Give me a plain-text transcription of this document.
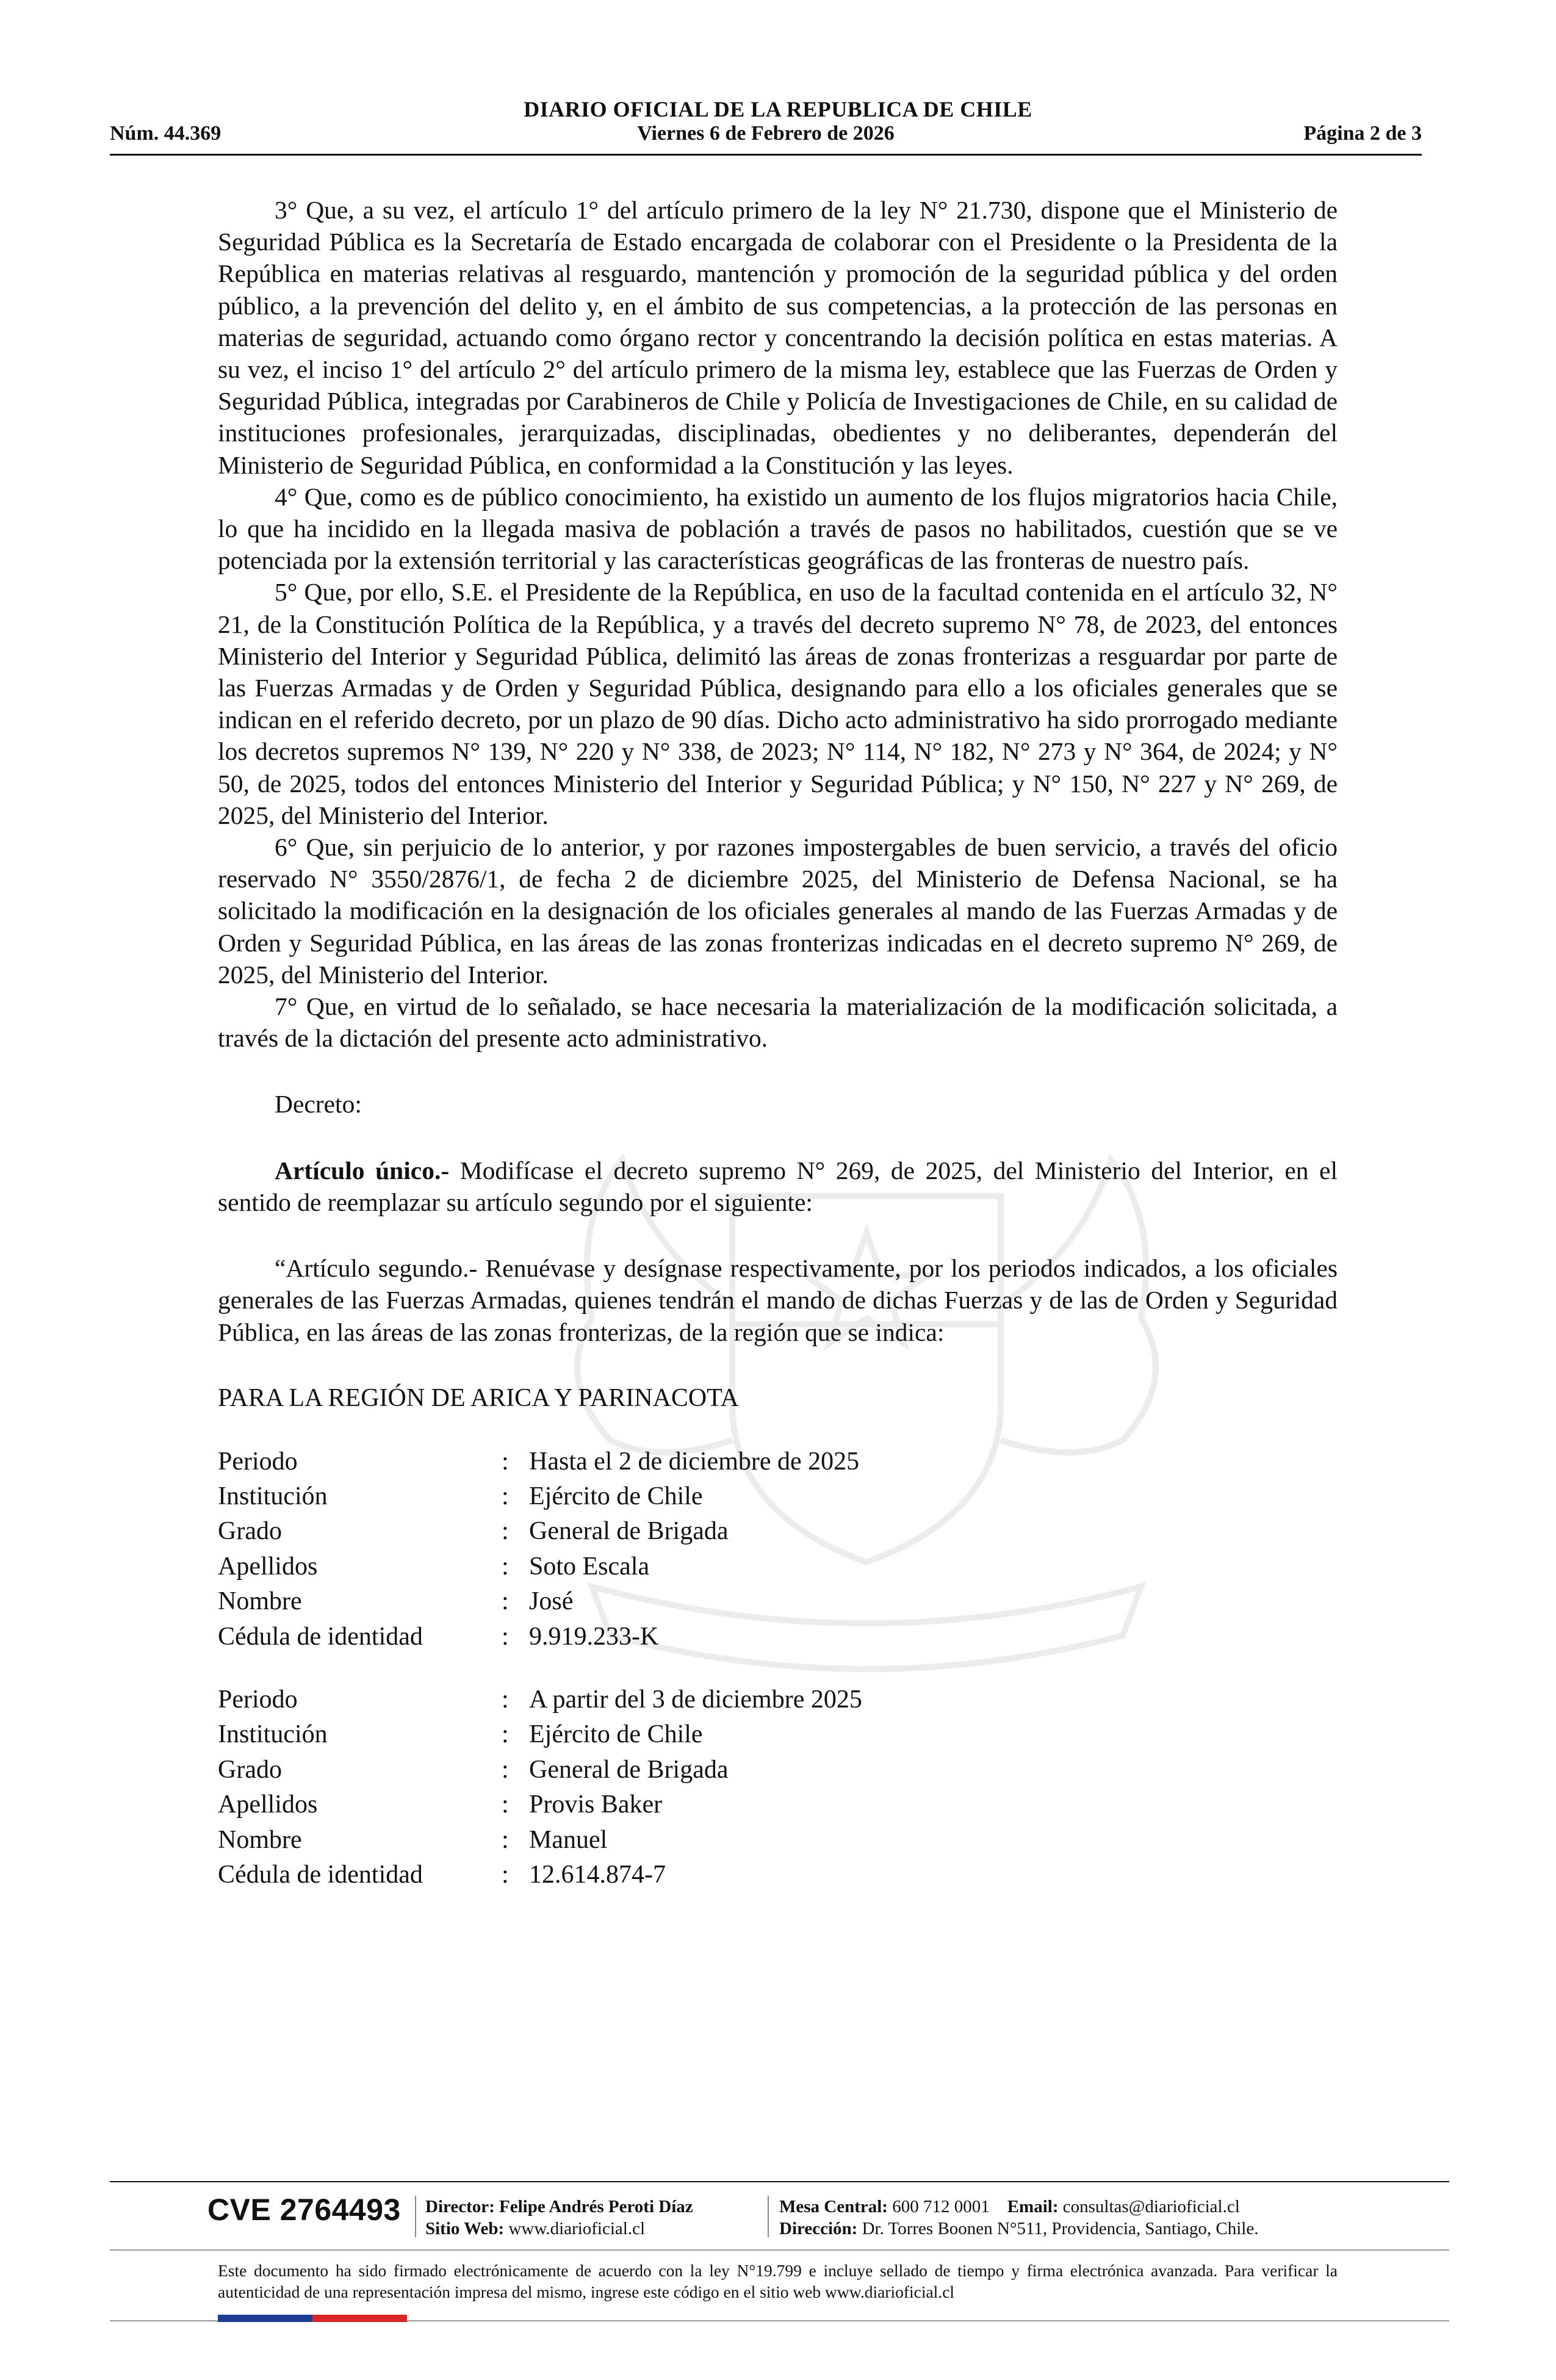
DIARIO OFICIAL DE LA REPUBLICA DE CHILE
Núm. 44.369	Viernes 6 de Febrero de 2026	Página 2 de 3

3° Que, a su vez, el artículo 1° del artículo primero de la ley N° 21.730, dispone que el Ministerio de Seguridad Pública es la Secretaría de Estado encargada de colaborar con el Presidente o la Presidenta de la República en materias relativas al resguardo, mantención y promoción de la seguridad pública y del orden público, a la prevención del delito y, en el ámbito de sus competencias, a la protección de las personas en materias de seguridad, actuando como órgano rector y concentrando la decisión política en estas materias. A su vez, el inciso 1° del artículo 2° del artículo primero de la misma ley, establece que las Fuerzas de Orden y Seguridad Pública, integradas por Carabineros de Chile y Policía de Investigaciones de Chile, en su calidad de instituciones profesionales, jerarquizadas, disciplinadas, obedientes y no deliberantes, dependerán del Ministerio de Seguridad Pública, en conformidad a la Constitución y las leyes.

4° Que, como es de público conocimiento, ha existido un aumento de los flujos migratorios hacia Chile, lo que ha incidido en la llegada masiva de población a través de pasos no habilitados, cuestión que se ve potenciada por la extensión territorial y las características geográficas de las fronteras de nuestro país.

5° Que, por ello, S.E. el Presidente de la República, en uso de la facultad contenida en el artículo 32, N° 21, de la Constitución Política de la República, y a través del decreto supremo N° 78, de 2023, del entonces Ministerio del Interior y Seguridad Pública, delimitó las áreas de zonas fronterizas a resguardar por parte de las Fuerzas Armadas y de Orden y Seguridad Pública, designando para ello a los oficiales generales que se indican en el referido decreto, por un plazo de 90 días. Dicho acto administrativo ha sido prorrogado mediante los decretos supremos N° 139, N° 220 y N° 338, de 2023; N° 114, N° 182, N° 273 y N° 364, de 2024; y N° 50, de 2025, todos del entonces Ministerio del Interior y Seguridad Pública; y N° 150, N° 227 y N° 269, de 2025, del Ministerio del Interior.

6° Que, sin perjuicio de lo anterior, y por razones impostergables de buen servicio, a través del oficio reservado N° 3550/2876/1, de fecha 2 de diciembre 2025, del Ministerio de Defensa Nacional, se ha solicitado la modificación en la designación de los oficiales generales al mando de las Fuerzas Armadas y de Orden y Seguridad Pública, en las áreas de las zonas fronterizas indicadas en el decreto supremo N° 269, de 2025, del Ministerio del Interior.

7° Que, en virtud de lo señalado, se hace necesaria la materialización de la modificación solicitada, a través de la dictación del presente acto administrativo.

Decreto:

Artículo único.- Modifícase el decreto supremo N° 269, de 2025, del Ministerio del Interior, en el sentido de reemplazar su artículo segundo por el siguiente:

“Artículo segundo.- Renuévase y desígnase respectivamente, por los periodos indicados, a los oficiales generales de las Fuerzas Armadas, quienes tendrán el mando de dichas Fuerzas y de las de Orden y Seguridad Pública, en las áreas de las zonas fronterizas, de la región que se indica:

PARA LA REGIÓN DE ARICA Y PARINACOTA

Periodo	:	Hasta el 2 de diciembre de 2025
Institución	:	Ejército de Chile
Grado	:	General de Brigada
Apellidos	:	Soto Escala
Nombre	:	José
Cédula de identidad	:	9.919.233-K
Periodo	:	A partir del 3 de diciembre 2025
Institución	:	Ejército de Chile
Grado	:	General de Brigada
Apellidos	:	Provis Baker
Nombre	:	Manuel
Cédula de identidad	:	12.614.874-7
CVE 2764493 Director: Felipe Andrés Peroti Díaz
Sitio Web: www.diarioficial.cl
Mesa Central: 600 712 0001 Email: consultas@diarioficial.cl
Dirección: Dr. Torres Boonen N°511, Providencia, Santiago, Chile.
Este documento ha sido firmado electrónicamente de acuerdo con la ley N°19.799 e incluye sellado de tiempo y firma electrónica avanzada. Para verificar la autenticidad de una representación impresa del mismo, ingrese este código en el sitio web www.diarioficial.cl
